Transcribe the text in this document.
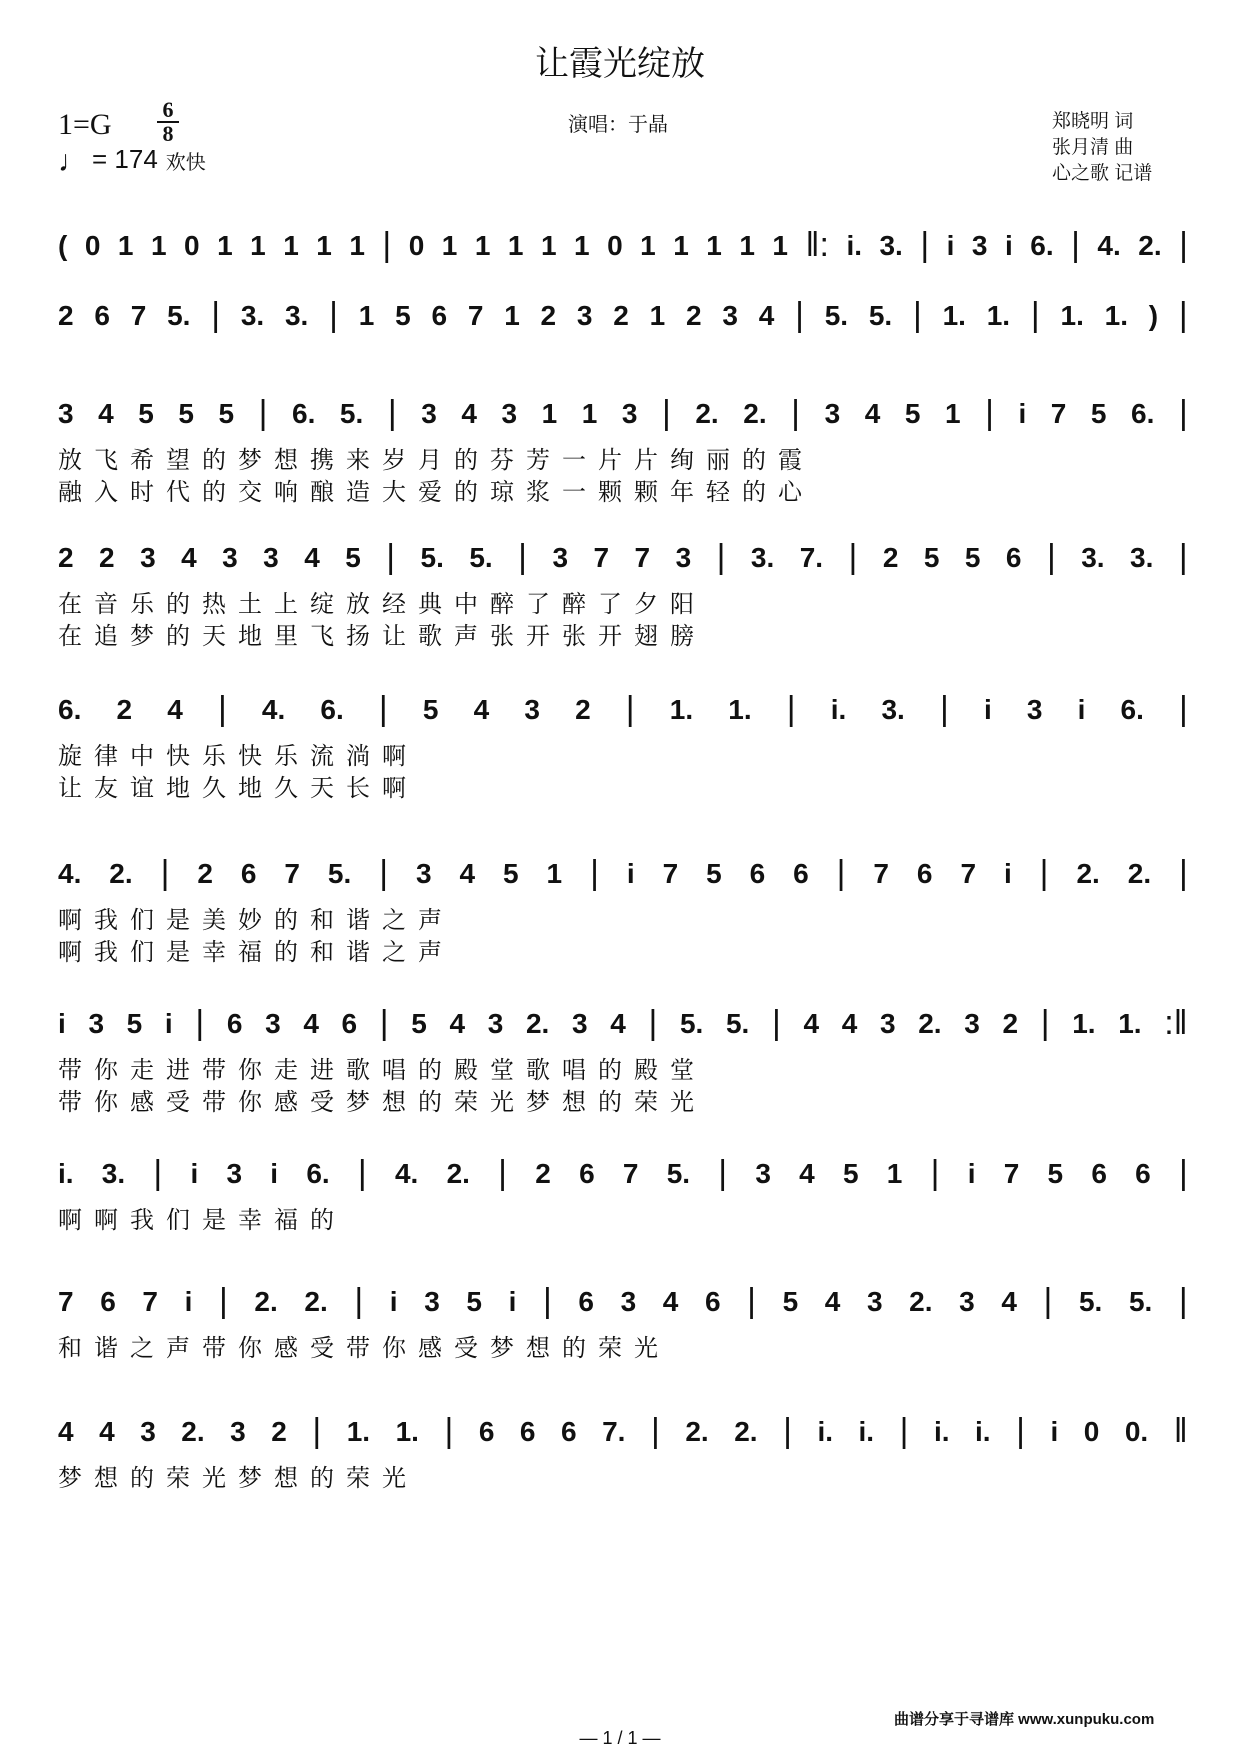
让霞光绽放
1=G 6
8
♩ = 174 欢快
演唱：于晶	郑晓明 词
张月清 曲
心之歌 记谱
( 0 1 1 0 1 1 1 1 1 | 0 1 1 1 1 1 0 1 1 1 1 1 ‖: i. 3. | i 3 i 6. | 4. 2. |
2 6 7 5. | 3. 3. | 1 5 6 7 1 2 3 2 1 2 3 4 | 5. 5. | 1. 1. | 1. 1. ) |
3 4 5 5 5 | 6. 5. | 3 4 3 1 1 3 | 2. 2. | 3 4 5 1 | i 7 5 6. |
放飞希望的梦想携来岁月的芬芳一片片绚丽的霞
融入时代的交响酿造大爱的琼浆一颗颗年轻的心
2 2 3 4 3 3 4 5 | 5. 5. | 3 7 7 3 | 3. 7. | 2 5 5 6 | 3. 3. |
在音乐的热土上绽放经典中醉了醉了夕阳
在追梦的天地里飞扬让歌声张开张开翅膀
6. 2 4 | 4. 6. | 5 4 3 2 | 1. 1. | i. 3. | i 3 i 6. |
旋律中快乐快乐流淌啊
让友谊地久地久天长啊
4. 2. | 2 6 7 5. | 3 4 5 1 | i 7 5 6 6 | 7 6 7 i | 2. 2. |
啊我们是美妙的和谐之声
啊我们是幸福的和谐之声
i 3 5 i | 6 3 4 6 | 5 4 3 2. 3 4 | 5. 5. | 4 4 3 2. 3 2 | 1. 1. :‖
带你走进带你走进歌唱的殿堂歌唱的殿堂
带你感受带你感受梦想的荣光梦想的荣光
i. 3. | i 3 i 6. | 4. 2. | 2 6 7 5. | 3 4 5 1 | i 7 5 6 6 |
啊啊我们是幸福的
7 6 7 i | 2. 2. | i 3 5 i | 6 3 4 6 | 5 4 3 2. 3 4 | 5. 5. |
和谐之声带你感受带你感受梦想的荣光
4 4 3 2. 3 2 | 1. 1. | 6 6 6 7. | 2. 2. | i. i. | i. i. | i 0 0. ‖
梦想的荣光梦想的荣光
曲谱分享于寻谱库 www.xunpuku.com
— 1 / 1 —
